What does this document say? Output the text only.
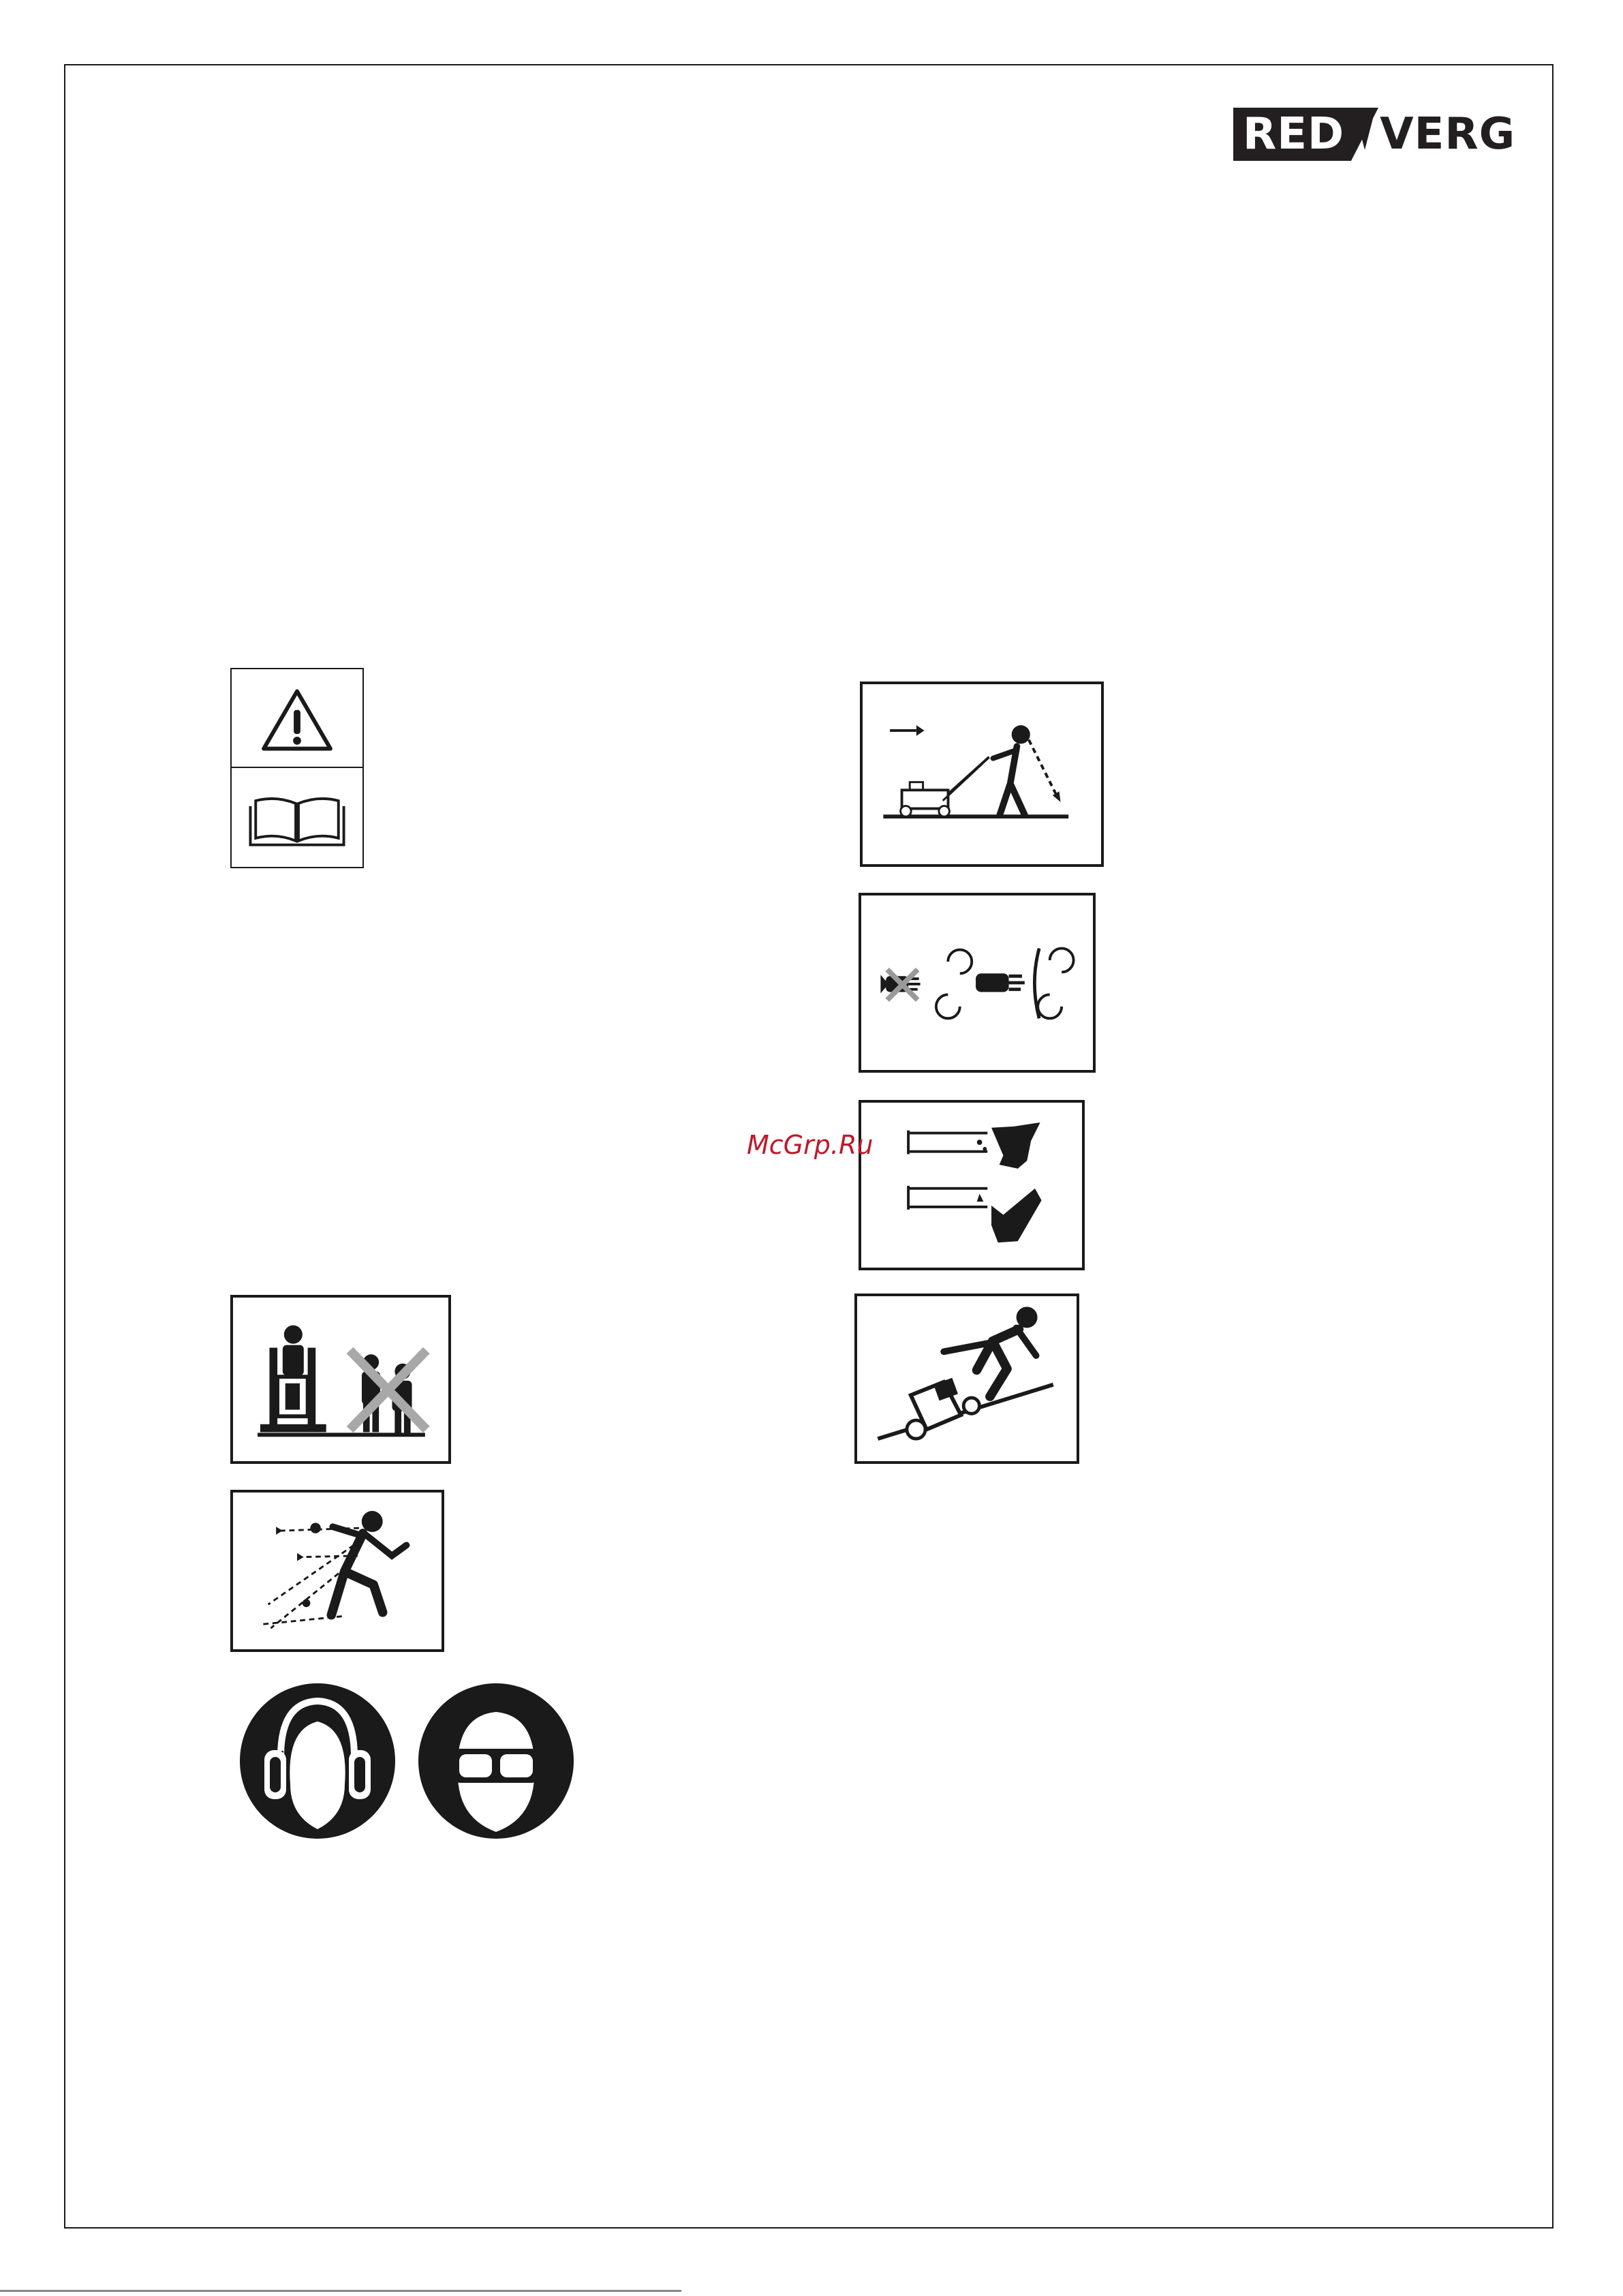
RED VERG
McGrp.Ru
